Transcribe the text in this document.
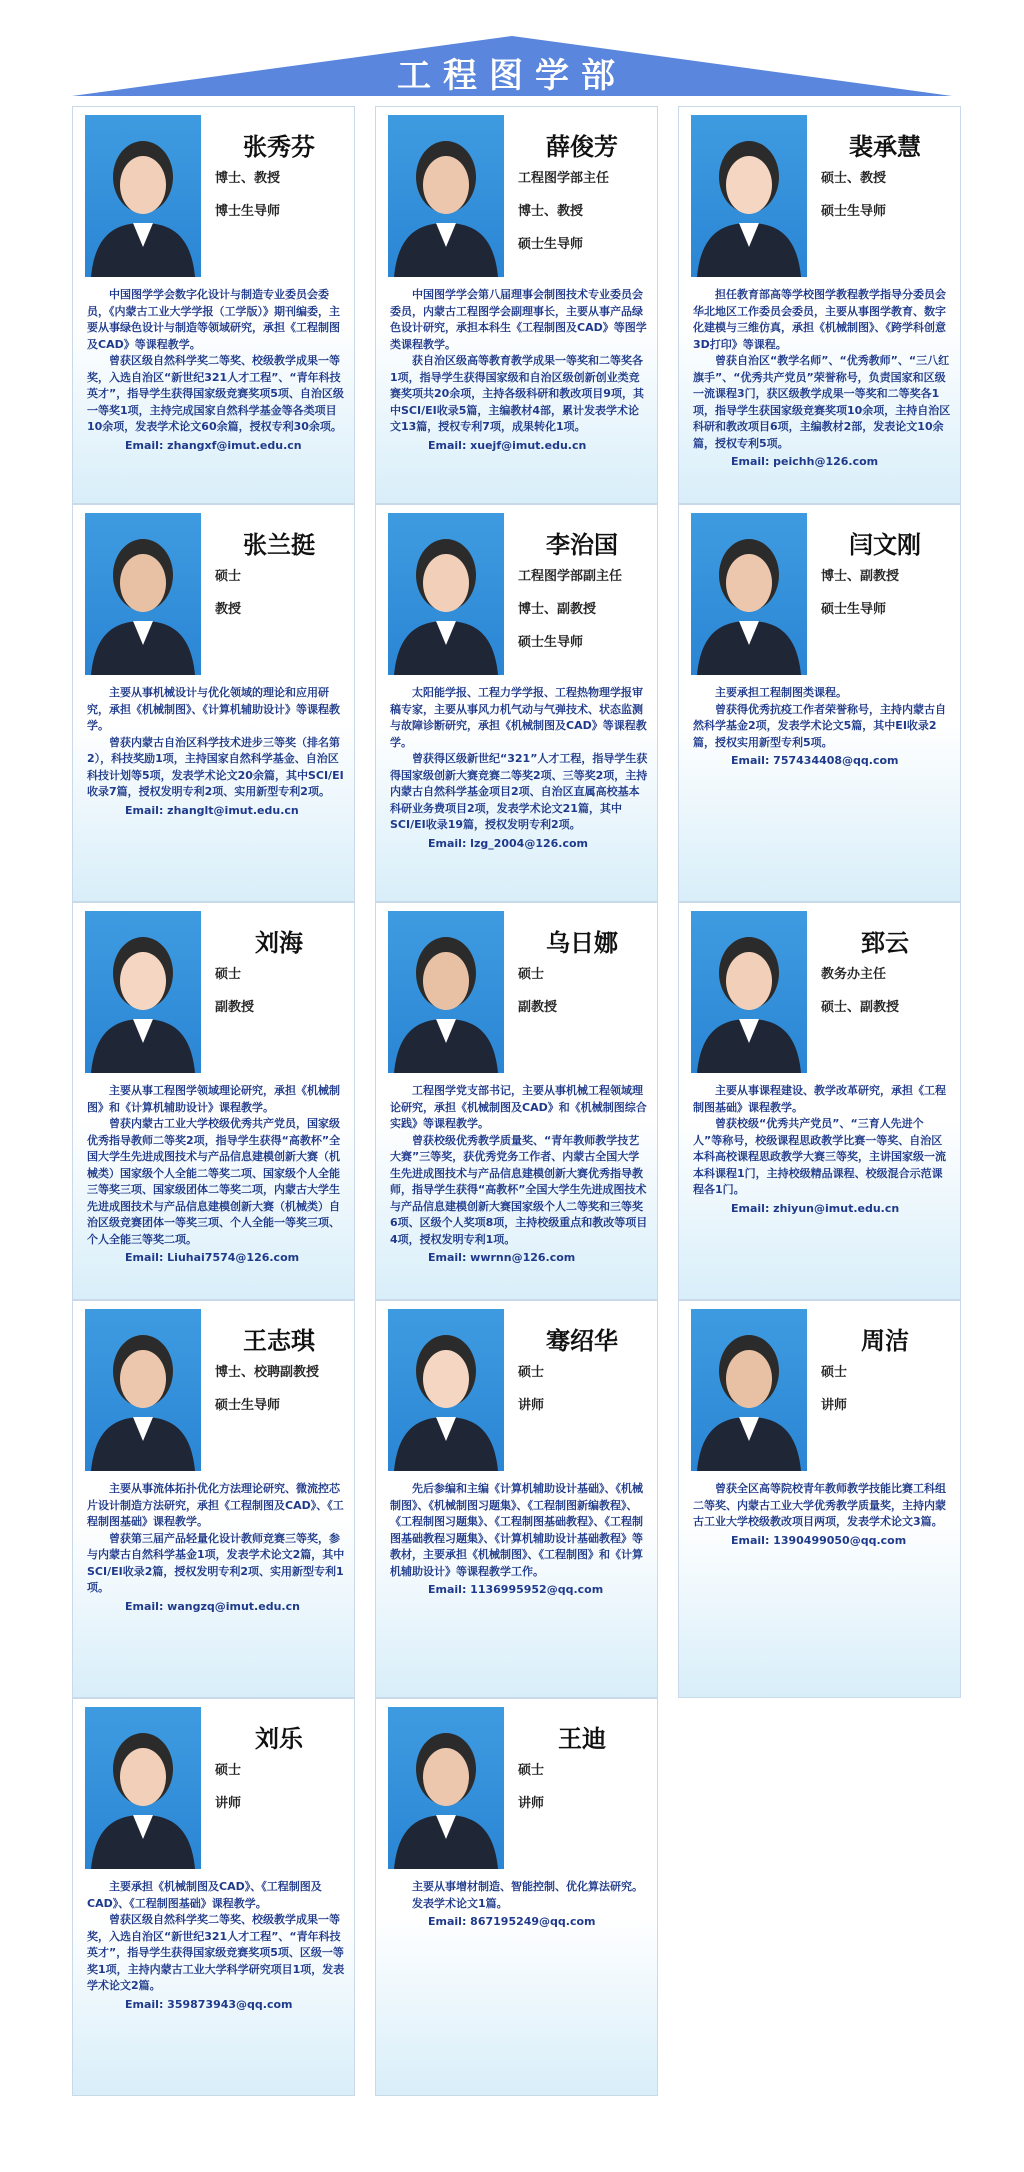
工程图学部
张秀芬
博士、教授
博士生导师

中国图学学会数字化设计与制造专业委员会委员，《内蒙古工业大学学报（工学版）》期刊编委，主要从事绿色设计与制造等领域研究，承担《工程制图及CAD》等课程教学。

曾获区级自然科学奖二等奖、校级教学成果一等奖，入选自治区“新世纪321人才工程”、“青年科技英才”，指导学生获得国家级竞赛奖项5项、自治区级一等奖1项，主持完成国家自然科学基金等各类项目10余项，发表学术论文60余篇，授权专利30余项。

Email: zhangxf@imut.edu.cn
薛俊芳
工程图学部主任
博士、教授
硕士生导师

中国图学学会第八届理事会制图技术专业委员会委员，内蒙古工程图学会副理事长，主要从事产品绿色设计研究，承担本科生《工程制图及CAD》等图学类课程教学。

获自治区级高等教育教学成果一等奖和二等奖各1项，指导学生获得国家级和自治区级创新创业类竞赛奖项共20余项，主持各级科研和教改项目9项，其中SCI/EI收录5篇，主编教材4部，累计发表学术论文13篇，授权专利7项，成果转化1项。

Email: xuejf@imut.edu.cn
裴承慧
硕士、教授
硕士生导师

担任教育部高等学校图学教程教学指导分委员会华北地区工作委员会委员，主要从事图学教育、数字化建模与三维仿真，承担《机械制图》、《跨学科创意3D打印》等课程。

曾获自治区“教学名师”、“优秀教师”、“三八红旗手”、“优秀共产党员”荣誉称号，负责国家和区级一流课程3门，获区级教学成果一等奖和二等奖各1项，指导学生获国家级竞赛奖项10余项，主持自治区科研和教改项目6项，主编教材2部，发表论文10余篇，授权专利5项。

Email: peichh@126.com
张兰挺
硕士
教授

主要从事机械设计与优化领域的理论和应用研究，承担《机械制图》、《计算机辅助设计》等课程教学。

曾获内蒙古自治区科学技术进步三等奖（排名第2），科技奖励1项，主持国家自然科学基金、自治区科技计划等5项，发表学术论文20余篇，其中SCI/EI收录7篇，授权发明专利2项、实用新型专利2项。

Email: zhanglt@imut.edu.cn
李治国
工程图学部副主任
博士、副教授
硕士生导师

太阳能学报、工程力学学报、工程热物理学报审稿专家，主要从事风力机气动与气弹技术、状态监测与故障诊断研究，承担《机械制图及CAD》等课程教学。

曾获得区级新世纪“321”人才工程，指导学生获得国家级创新大赛竞赛二等奖2项、三等奖2项，主持内蒙古自然科学基金项目2项、自治区直属高校基本科研业务费项目2项，发表学术论文21篇，其中SCI/EI收录19篇，授权发明专利2项。

Email: lzg_2004@126.com
闫文刚
博士、副教授
硕士生导师

主要承担工程制图类课程。

曾获得优秀抗疫工作者荣誉称号，主持内蒙古自然科学基金2项，发表学术论文5篇，其中EI收录2篇，授权实用新型专利5项。

Email: 757434408@qq.com
刘海
硕士
副教授

主要从事工程图学领域理论研究，承担《机械制图》和《计算机辅助设计》课程教学。

曾获内蒙古工业大学校级优秀共产党员，国家级优秀指导教师二等奖2项，指导学生获得“高教杯”全国大学生先进成图技术与产品信息建模创新大赛（机械类）国家级个人全能二等奖二项、国家级个人全能三等奖三项、国家级团体二等奖二项，内蒙古大学生先进成图技术与产品信息建模创新大赛（机械类）自治区级竞赛团体一等奖三项、个人全能一等奖三项、个人全能三等奖二项。

Email: Liuhai7574@126.com
乌日娜
硕士
副教授

工程图学党支部书记，主要从事机械工程领域理论研究，承担《机械制图及CAD》和《机械制图综合实践》等课程教学。

曾获校级优秀教学质量奖、“青年教师教学技艺大赛”三等奖，获优秀党务工作者、内蒙古全国大学生先进成图技术与产品信息建模创新大赛优秀指导教师，指导学生获得“高教杯”全国大学生先进成图技术与产品信息建模创新大赛国家级个人二等奖和三等奖6项、区级个人奖项8项，主持校级重点和教改等项目4项，授权发明专利1项。

Email: wwrnn@126.com
郅云
教务办主任
硕士、副教授

主要从事课程建设、教学改革研究，承担《工程制图基础》课程教学。

曾获校级“优秀共产党员”、“三育人先进个人”等称号，校级课程思政教学比赛一等奖、自治区本科高校课程思政教学大赛三等奖，主讲国家级一流本科课程1门，主持校级精品课程、校级混合示范课程各1门。

Email: zhiyun@imut.edu.cn
王志琪
博士、校聘副教授
硕士生导师

主要从事流体拓扑优化方法理论研究、微流控芯片设计制造方法研究，承担《工程制图及CAD》、《工程制图基础》课程教学。

曾获第三届产品轻量化设计教师竞赛三等奖，参与内蒙古自然科学基金1项，发表学术论文2篇，其中SCI/EI收录2篇，授权发明专利2项、实用新型专利1项。

Email: wangzq@imut.edu.cn
骞绍华
硕士
讲师

先后参编和主编《计算机辅助设计基础》、《机械制图》、《机械制图习题集》、《工程制图新编教程》、《工程制图习题集》、《工程制图基础教程》、《工程制图基础教程习题集》、《计算机辅助设计基础教程》等教材，主要承担《机械制图》、《工程制图》和《计算机辅助设计》等课程教学工作。

Email: 1136995952@qq.com
周洁
硕士
讲师

曾获全区高等院校青年教师教学技能比赛工科组二等奖、内蒙古工业大学优秀教学质量奖，主持内蒙古工业大学校级教改项目两项，发表学术论文3篇。

Email: 1390499050@qq.com
刘乐
硕士
讲师

主要承担《机械制图及CAD》、《工程制图及CAD》、《工程制图基础》课程教学。

曾获区级自然科学奖二等奖、校级教学成果一等奖，入选自治区“新世纪321人才工程”、“青年科技英才”，指导学生获得国家级竞赛奖项5项、区级一等奖1项，主持内蒙古工业大学科学研究项目1项，发表学术论文2篇。

Email: 359873943@qq.com
王迪
硕士
讲师

主要从事增材制造、智能控制、优化算法研究。

发表学术论文1篇。

Email: 867195249@qq.com
